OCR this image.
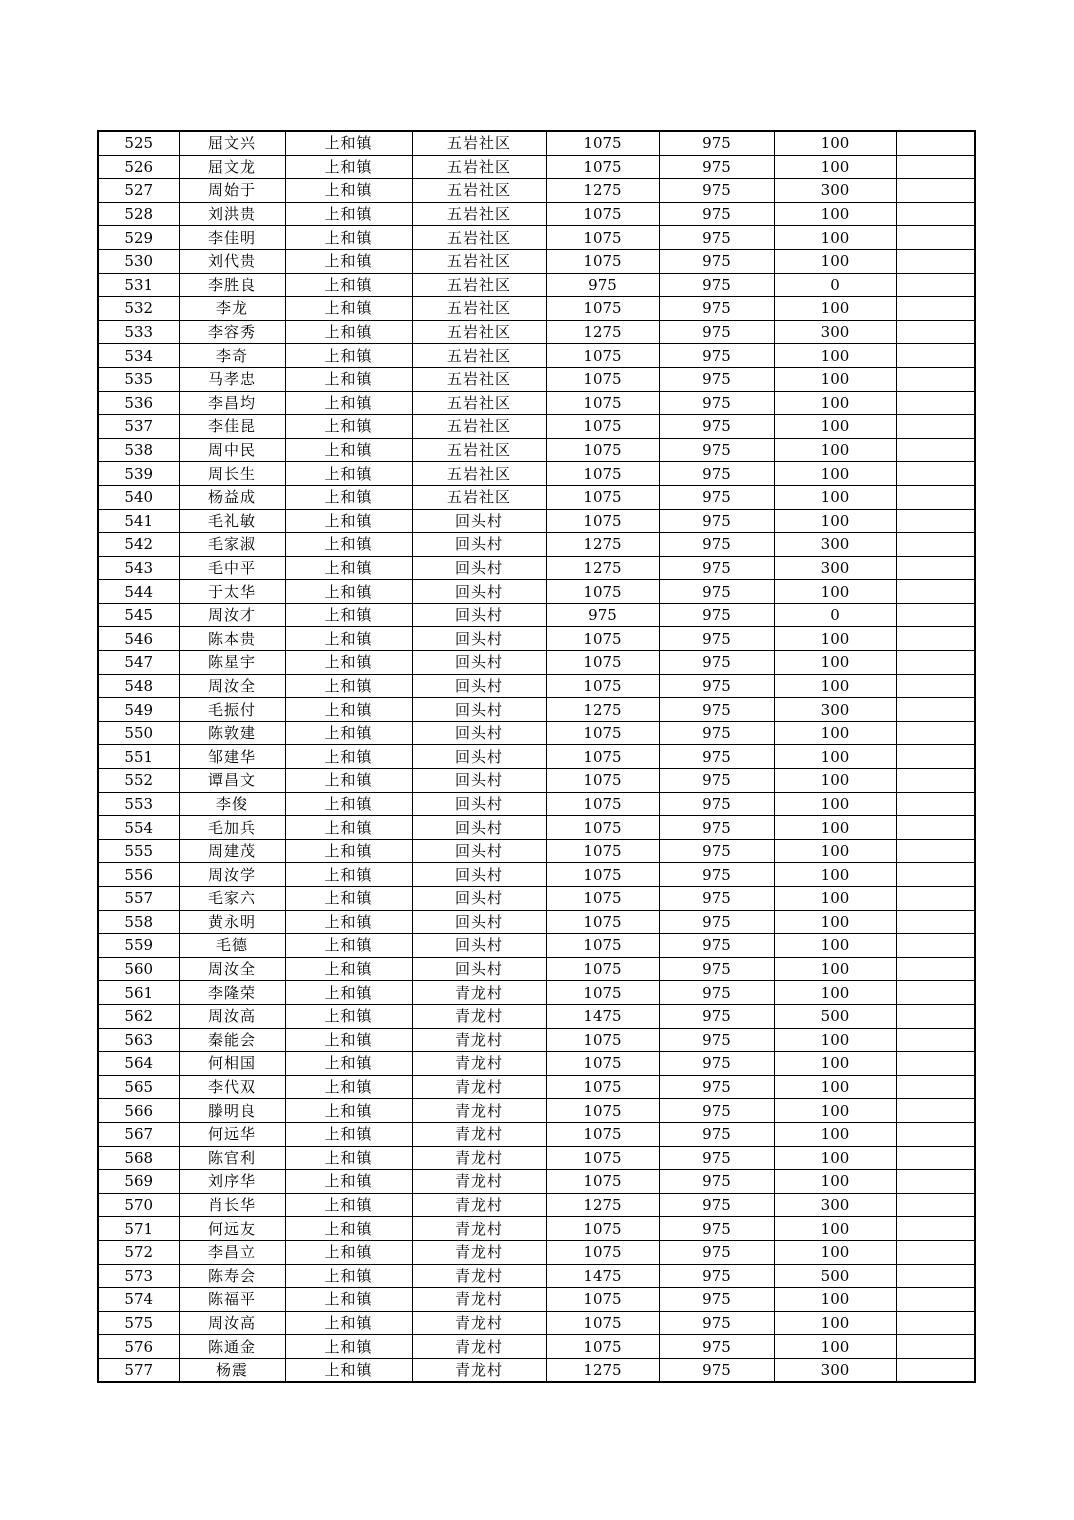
525	屈文兴	上和镇	五岩社区	1075	975	100	
526	屈文龙	上和镇	五岩社区	1075	975	100	
527	周始于	上和镇	五岩社区	1275	975	300	
528	刘洪贵	上和镇	五岩社区	1075	975	100	
529	李佳明	上和镇	五岩社区	1075	975	100	
530	刘代贵	上和镇	五岩社区	1075	975	100	
531	李胜良	上和镇	五岩社区	975	975	0	
532	李龙	上和镇	五岩社区	1075	975	100	
533	李容秀	上和镇	五岩社区	1275	975	300	
534	李奇	上和镇	五岩社区	1075	975	100	
535	马孝忠	上和镇	五岩社区	1075	975	100	
536	李昌均	上和镇	五岩社区	1075	975	100	
537	李佳昆	上和镇	五岩社区	1075	975	100	
538	周中民	上和镇	五岩社区	1075	975	100	
539	周长生	上和镇	五岩社区	1075	975	100	
540	杨益成	上和镇	五岩社区	1075	975	100	
541	毛礼敏	上和镇	回头村	1075	975	100	
542	毛家淑	上和镇	回头村	1275	975	300	
543	毛中平	上和镇	回头村	1275	975	300	
544	于太华	上和镇	回头村	1075	975	100	
545	周汝才	上和镇	回头村	975	975	0	
546	陈本贵	上和镇	回头村	1075	975	100	
547	陈星宇	上和镇	回头村	1075	975	100	
548	周汝全	上和镇	回头村	1075	975	100	
549	毛振付	上和镇	回头村	1275	975	300	
550	陈敦建	上和镇	回头村	1075	975	100	
551	邹建华	上和镇	回头村	1075	975	100	
552	谭昌文	上和镇	回头村	1075	975	100	
553	李俊	上和镇	回头村	1075	975	100	
554	毛加兵	上和镇	回头村	1075	975	100	
555	周建茂	上和镇	回头村	1075	975	100	
556	周汝学	上和镇	回头村	1075	975	100	
557	毛家六	上和镇	回头村	1075	975	100	
558	黄永明	上和镇	回头村	1075	975	100	
559	毛德	上和镇	回头村	1075	975	100	
560	周汝全	上和镇	回头村	1075	975	100	
561	李隆荣	上和镇	青龙村	1075	975	100	
562	周汝高	上和镇	青龙村	1475	975	500	
563	秦能会	上和镇	青龙村	1075	975	100	
564	何相国	上和镇	青龙村	1075	975	100	
565	李代双	上和镇	青龙村	1075	975	100	
566	滕明良	上和镇	青龙村	1075	975	100	
567	何远华	上和镇	青龙村	1075	975	100	
568	陈官利	上和镇	青龙村	1075	975	100	
569	刘序华	上和镇	青龙村	1075	975	100	
570	肖长华	上和镇	青龙村	1275	975	300	
571	何远友	上和镇	青龙村	1075	975	100	
572	李昌立	上和镇	青龙村	1075	975	100	
573	陈寿会	上和镇	青龙村	1475	975	500	
574	陈福平	上和镇	青龙村	1075	975	100	
575	周汝高	上和镇	青龙村	1075	975	100	
576	陈通金	上和镇	青龙村	1075	975	100	
577	杨震	上和镇	青龙村	1275	975	300	
